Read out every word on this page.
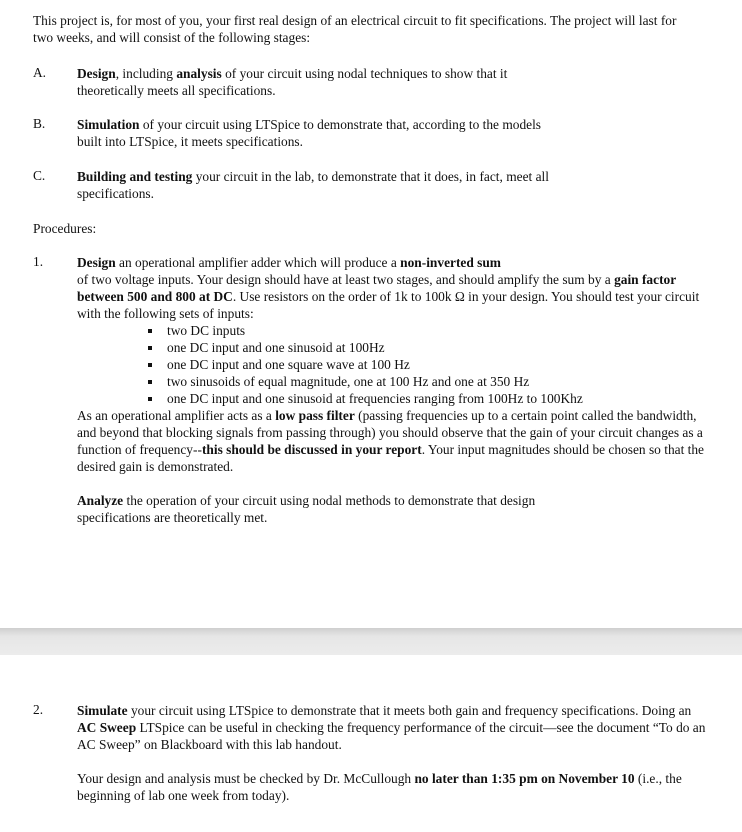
This project is, for most of you, your first real design of an electrical circuit to fit specifications. The project will last for two weeks, and will consist of the following stages:

A. Design, including analysis of your circuit using nodal techniques to show that it theoretically meets all specifications.

B. Simulation of your circuit using LTSpice to demonstrate that, according to the models built into LTSpice, it meets specifications.

C. Building and testing your circuit in the lab, to demonstrate that it does, in fact, meet all specifications.

Procedures:

1.	Design an operational amplifier adder which will produce a non-inverted sum
of two voltage inputs. Your design should have at least two stages, and should amplify the sum by a gain factor between 500 and 800 at DC. Use resistors on the order of 1k to 100k Ω in your design. You should test your circuit with the following sets of inputs:

two DC inputs
one DC input and one sinusoid at 100Hz
one DC input and one square wave at 100 Hz
two sinusoids of equal magnitude, one at 100 Hz and one at 350 Hz
one DC input and one sinusoid at frequencies ranging from 100Hz to 100Khz

As an operational amplifier acts as a low pass filter (passing frequencies up to a certain point called the bandwidth, and beyond that blocking signals from passing through) you should observe that the gain of your circuit changes as a function of frequency--this should be discussed in your report. Your input magnitudes should be chosen so that the desired gain is demonstrated.

Analyze the operation of your circuit using nodal methods to demonstrate that design specifications are theoretically met.

2.	Simulate your circuit using LTSpice to demonstrate that it meets both gain and frequency specifications. Doing an AC Sweep LTSpice can be useful in checking the frequency performance of the circuit—see the document “To do an AC Sweep” on Blackboard with this lab handout.

Your design and analysis must be checked by Dr. McCullough no later than 1:35 pm on November 10 (i.e., the beginning of lab one week from today).
